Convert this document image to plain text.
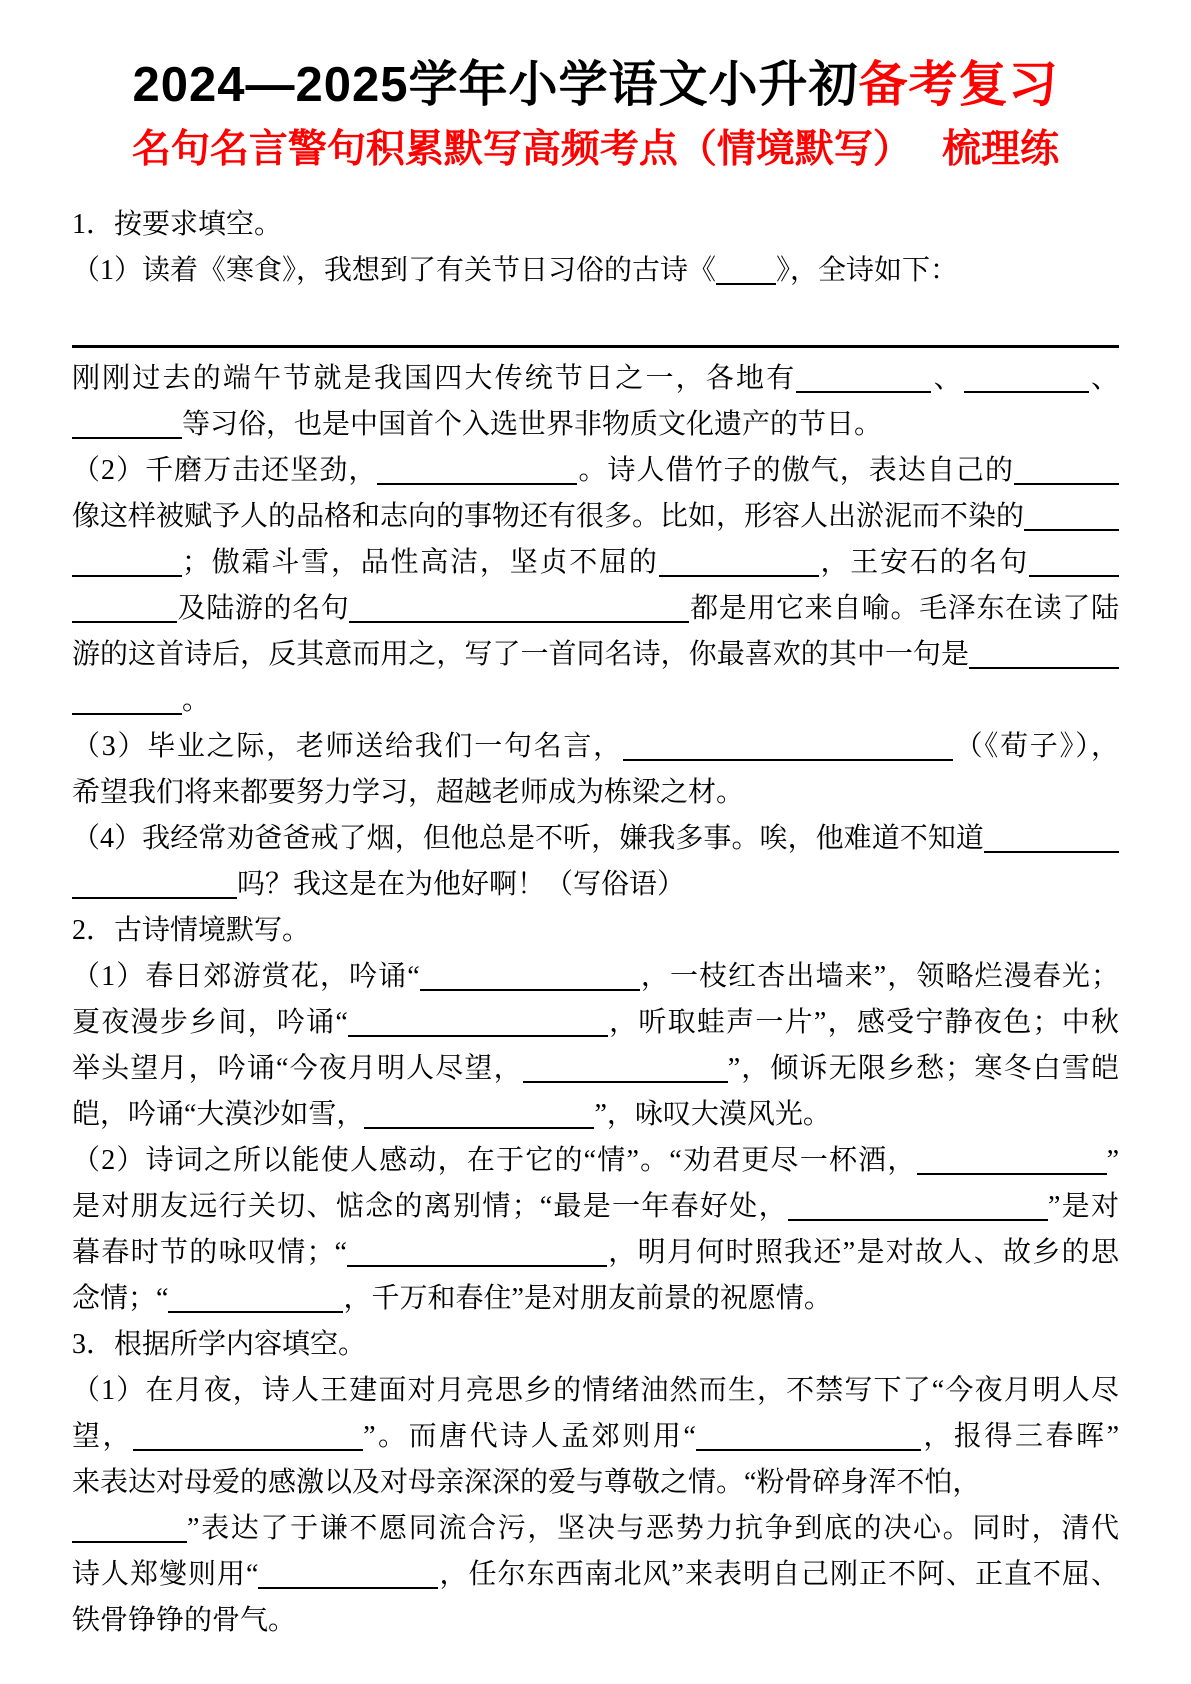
2024—2025学年小学语文小升初备考复习
名句名言警句积累默写高频考点（情境默写）　 梳理练
1．按要求填空。
（1）读着《寒食》，我想到了有关节日习俗的古诗《 》，全诗如下：
刚刚过去的端午节就是我国四大传统节日之一，各地有	、	、
等习俗，也是中国首个入选世界非物质文化遗产的节日。
（2）千磨万击还坚劲，	。诗人借竹子的傲气，表达自己的
像这样被赋予人的品格和志向的事物还有很多。比如，形容人出淤泥而不染的
；傲霜斗雪，品性高洁，坚贞不屈的	，王安石的名句
及陆游的名句	都是用它来自喻。毛泽东在读了陆
游的这首诗后，反其意而用之，写了一首同名诗，你最喜欢的其中一句是
。
（3）毕业之际，老师送给我们一句名言，	（《荀子》），
希望我们将来都要努力学习，超越老师成为栋梁之材。
（4）我经常劝爸爸戒了烟，但他总是不听，嫌我多事。唉，他难道不知道
吗？我这是在为他好啊！（写俗语）
2．古诗情境默写。
（1）春日郊游赏花，吟诵“	，一枝红杏出墙来”，领略烂漫春光；
夏夜漫步乡间，吟诵“	，听取蛙声一片”，感受宁静夜色；中秋
举头望月，吟诵“今夜月明人尽望，	”，倾诉无限乡愁；寒冬白雪皑
皑，吟诵“大漠沙如雪，	”，咏叹大漠风光。
（2）诗词之所以能使人感动，在于它的“情”。“劝君更尽一杯酒，	”
是对朋友远行关切、惦念的离别情；“最是一年春好处，	”是对
暮春时节的咏叹情；“	，明月何时照我还”是对故人、故乡的思
念情；“	，千万和春住”是对朋友前景的祝愿情。
3．根据所学内容填空。
（1）在月夜，诗人王建面对月亮思乡的情绪油然而生，不禁写下了“今夜月明人尽
望，	”。而唐代诗人孟郊则用“	，报得三春晖”
来表达对母爱的感激以及对母亲深深的爱与尊敬之情。“粉骨碎身浑不怕，
”表达了于谦不愿同流合污，坚决与恶势力抗争到底的决心。同时，清代
诗人郑燮则用“	，任尔东西南北风”来表明自己刚正不阿、正直不屈、
铁骨铮铮的骨气。
